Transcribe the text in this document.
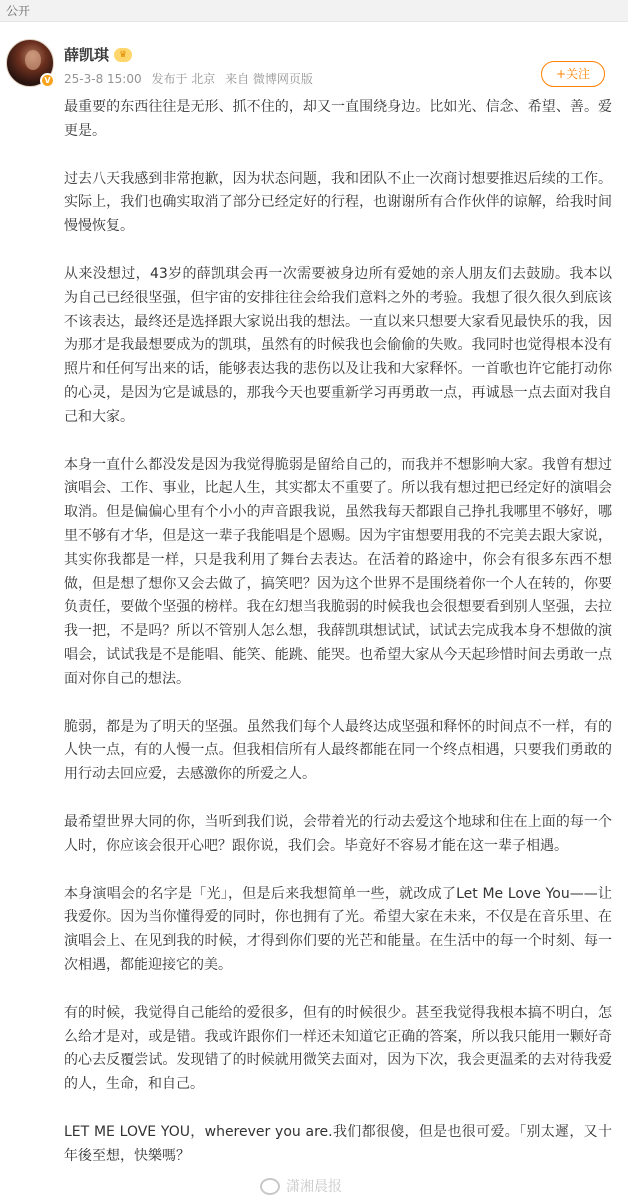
公开
V
薛凯琪	♛
+关注
25-3-8 15:00 发布于 北京 来自 微博网页版

最重要的东西往往是无形、抓不住的，却又一直围绕身边。比如光、信念、希望、善。爱更是。

过去八天我感到非常抱歉，因为状态问题，我和团队不止一次商讨想要推迟后续的工作。实际上，我们也确实取消了部分已经定好的行程，也谢谢所有合作伙伴的谅解，给我时间慢慢恢复。

从来没想过，43岁的薛凯琪会再一次需要被身边所有爱她的亲人朋友们去鼓励。我本以为自己已经很坚强，但宇宙的安排往往会给我们意料之外的考验。我想了很久很久到底该不该表达，最终还是选择跟大家说出我的想法。一直以来只想要大家看见最快乐的我，因为那才是我最想要成为的凯琪，虽然有的时候我也会偷偷的失败。我同时也觉得根本没有照片和任何写出来的话，能够表达我的悲伤以及让我和大家释怀。一首歌也许它能打动你的心灵，是因为它是诚恳的，那我今天也要重新学习再勇敢一点，再诚恳一点去面对我自己和大家。

本身一直什么都没发是因为我觉得脆弱是留给自己的，而我并不想影响大家。我曾有想过演唱会、工作、事业，比起人生，其实都太不重要了。所以我有想过把已经定好的演唱会取消。但是偏偏心里有个小小的声音跟我说，虽然我每天都跟自己挣扎我哪里不够好，哪里不够有才华，但是这一辈子我能唱是个恩赐。因为宇宙想要用我的不完美去跟大家说，其实你我都是一样，只是我利用了舞台去表达。在活着的路途中，你会有很多东西不想做，但是想了想你又会去做了，搞笑吧？因为这个世界不是围绕着你一个人在转的，你要负责任，要做个坚强的榜样。我在幻想当我脆弱的时候我也会很想要看到别人坚强，去拉我一把，不是吗？所以不管别人怎么想，我薛凯琪想试试，试试去完成我本身不想做的演唱会，试试我是不是能唱、能笑、能跳、能哭。也希望大家从今天起珍惜时间去勇敢一点面对你自己的想法。

脆弱，都是为了明天的坚强。虽然我们每个人最终达成坚强和释怀的时间点不一样，有的人快一点，有的人慢一点。但我相信所有人最终都能在同一个终点相遇，只要我们勇敢的用行动去回应爱，去感激你的所爱之人。

最希望世界大同的你，当听到我们说，会带着光的行动去爱这个地球和住在上面的每一个人时，你应该会很开心吧？跟你说，我们会。毕竟好不容易才能在这一辈子相遇。

本身演唱会的名字是「光」，但是后来我想简单一些，就改成了Let Me Love You——让我爱你。因为当你懂得爱的同时，你也拥有了光。希望大家在未来，不仅是在音乐里、在演唱会上、在见到我的时候，才得到你们要的光芒和能量。在生活中的每一个时刻、每一次相遇，都能迎接它的美。

有的时候，我觉得自己能给的爱很多，但有的时候很少。甚至我觉得我根本搞不明白，怎么给才是对，或是错。我或许跟你们一样还未知道它正确的答案，所以我只能用一颗好奇的心去反覆尝试。发现错了的时候就用微笑去面对，因为下次，我会更温柔的去对待我爱的人，生命，和自己。

LET ME LOVE YOU，wherever you are.我们都很傻，但是也很可爱。「别太遲，又十年後至想，快樂嗎？

潇湘晨报
